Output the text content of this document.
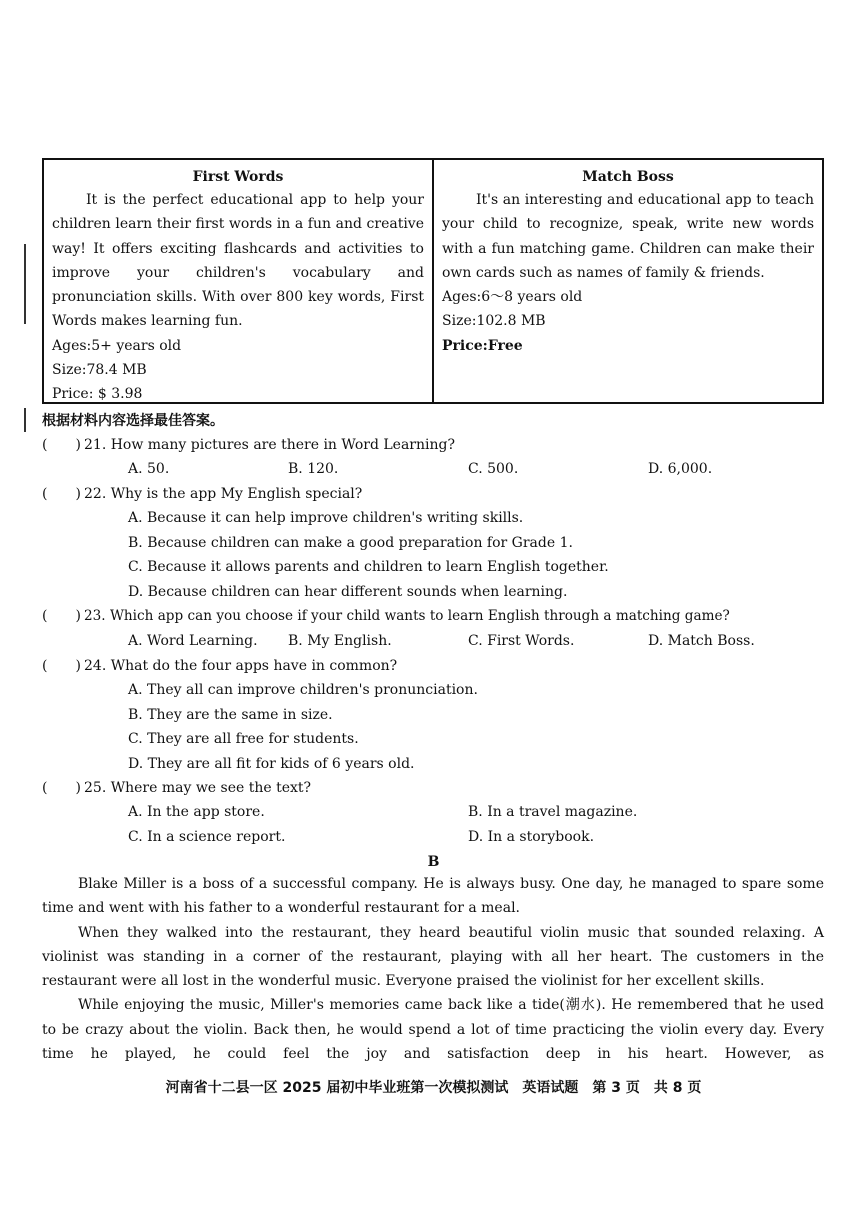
First Words

It is the perfect educational app to help your children learn their first words in a fun and creative way! It offers exciting flashcards and activities to improve your children's vocabulary and pronunciation skills. With over 800 key words, First Words makes learning fun.

Ages:5+ years old
Size:78.4 MB
Price: $ 3.98
Match Boss

It's an interesting and educational app to teach your child to recognize, speak, write new words with a fun matching game. Children can make their own cards such as names of family & friends.

Ages:6～8 years old
Size:102.8 MB
Price:Free
根据材料内容选择最佳答案。
(　　) 21. How many pictures are there in Word Learning?
A. 50.	B. 120.	C. 500.	D. 6,000.
(　　) 22. Why is the app My English special?
A. Because it can help improve children's writing skills.
B. Because children can make a good preparation for Grade 1.
C. Because it allows parents and children to learn English together.
D. Because children can hear different sounds when learning.
(　　) 23. Which app can you choose if your child wants to learn English through a matching game?
A. Word Learning. B. My English.	C. First Words.	D. Match Boss.
(　　) 24. What do the four apps have in common?
A. They all can improve children's pronunciation.
B. They are the same in size.
C. They are all free for students.
D. They are all fit for kids of 6 years old.
(　　) 25. Where may we see the text?
A. In the app store.	B. In a travel magazine.
C. In a science report.	D. In a storybook.
B

Blake Miller is a boss of a successful company. He is always busy. One day, he managed to spare some time and went with his father to a wonderful restaurant for a meal.

When they walked into the restaurant, they heard beautiful violin music that sounded relaxing. A violinist was standing in a corner of the restaurant, playing with all her heart. The customers in the restaurant were all lost in the wonderful music. Everyone praised the violinist for her excellent skills.

While enjoying the music, Miller's memories came back like a tide(潮水). He remembered that he used to be crazy about the violin. Back then, he would spend a lot of time practicing the violin every day. Every time he played, he could feel the joy and satisfaction deep in his heart. However, as

河南省十二县一区 2025 届初中毕业班第一次模拟测试　英语试题　第 3 页　共 8 页
